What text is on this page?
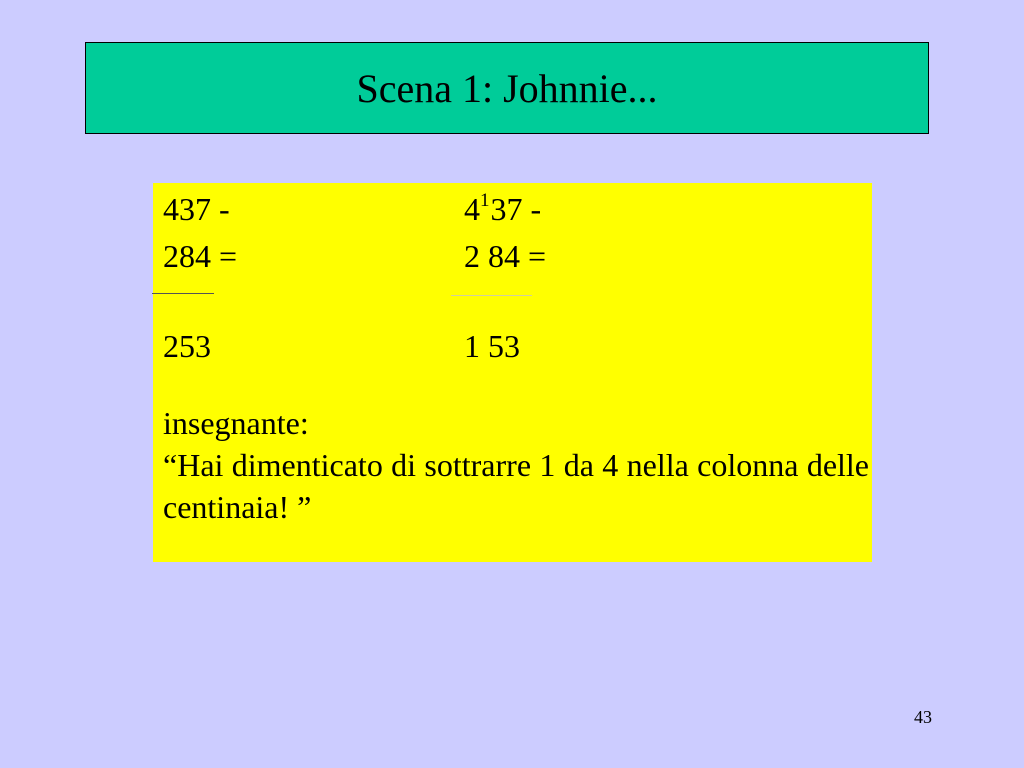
Scena 1: Johnnie...
437 -
284 =
253
$4^137$ -
2 84 =
1 53
insegnante:
“Hai dimenticato di sottrarre 1 da 4 nella colonna delle centinaia! ”
43
